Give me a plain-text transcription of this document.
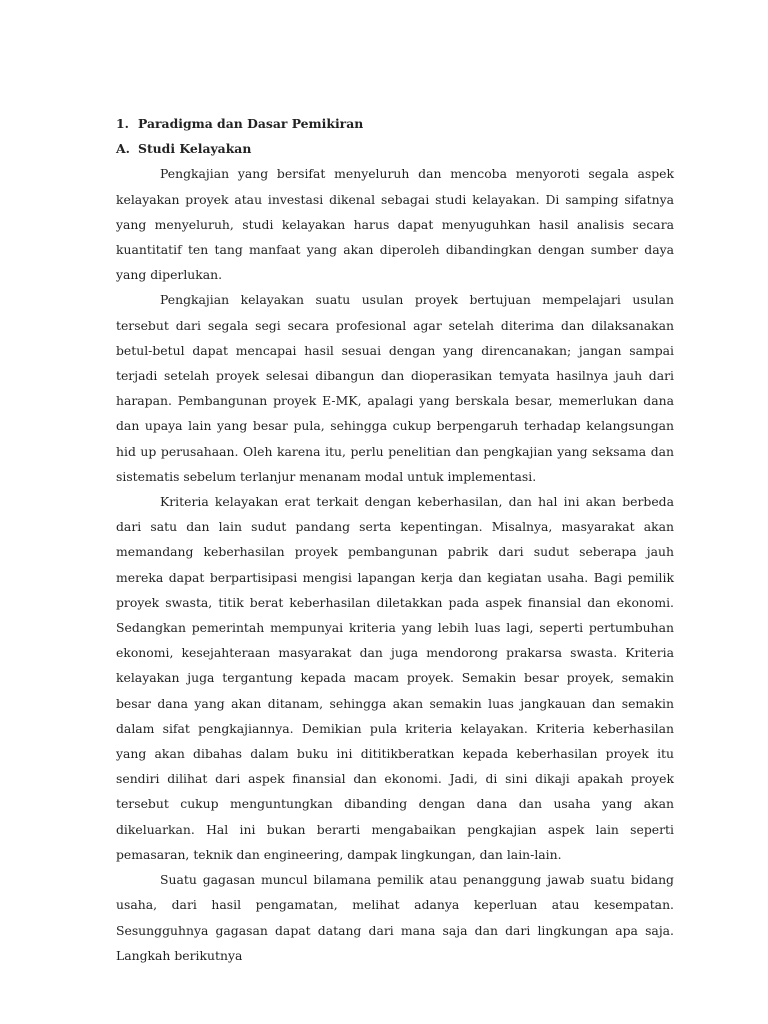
1. Paradigma dan Dasar Pemikiran
A. Studi Kelayakan

Pengkajian yang bersifat menyeluruh dan mencoba menyoroti segala aspek kelayakan proyek atau investasi dikenal sebagai studi kelayakan. Di samping sifatnya yang menyeluruh, studi kelayakan harus dapat menyuguhkan hasil analisis secara kuantitatif ten tang manfaat yang akan diperoleh dibandingkan dengan sumber daya yang diperlukan.

Pengkajian kelayakan suatu usulan proyek bertujuan mempelajari usulan tersebut dari segala segi secara profesional agar setelah diterima dan dilaksanakan betul-betul dapat mencapai hasil sesuai dengan yang direncanakan; jangan sampai terjadi setelah proyek selesai dibangun dan dioperasikan temyata hasilnya jauh dari harapan. Pembangunan proyek E-MK, apalagi yang berskala besar, memerlukan dana dan upaya lain yang besar pula, sehingga cukup berpengaruh terhadap kelangsungan hid up perusahaan. Oleh karena itu, perlu penelitian dan pengkajian yang seksama dan sistematis sebelum terlanjur menanam modal untuk implementasi.

Kriteria kelayakan erat terkait dengan keberhasilan, dan hal ini akan berbeda dari satu dan lain sudut pandang serta kepentingan. Misalnya, masyarakat akan memandang keberhasilan proyek pembangunan pabrik dari sudut seberapa jauh mereka dapat berpartisipasi mengisi lapangan kerja dan kegiatan usaha. Bagi pemilik proyek swasta, titik berat keberhasilan diletakkan pada aspek finansial dan ekonomi. Sedangkan pemerintah mempunyai kriteria yang lebih luas lagi, seperti pertumbuhan ekonomi, kesejahteraan masyarakat dan juga mendorong prakarsa swasta. Kriteria kelayakan juga tergantung kepada macam proyek. Semakin besar proyek, semakin besar dana yang akan ditanam, sehingga akan semakin luas jangkauan dan semakin dalam sifat pengkajiannya. Demikian pula kriteria kelayakan. Kriteria keberhasilan yang akan dibahas dalam buku ini dititikberatkan kepada keberhasilan proyek itu sendiri dilihat dari aspek finansial dan ekonomi. Jadi, di sini dikaji apakah proyek tersebut cukup menguntungkan dibanding dengan dana dan usaha yang akan dikeluarkan. Hal ini bukan berarti mengabaikan pengkajian aspek lain seperti pemasaran, teknik dan engineering, dampak lingkungan, dan lain-lain.

Suatu gagasan muncul bilamana pemilik atau penanggung jawab suatu bidang usaha, dari hasil pengamatan, melihat adanya keperluan atau kesempatan. Sesungguhnya gagasan dapat datang dari mana saja dan dari lingkungan apa saja. Langkah berikutnya
